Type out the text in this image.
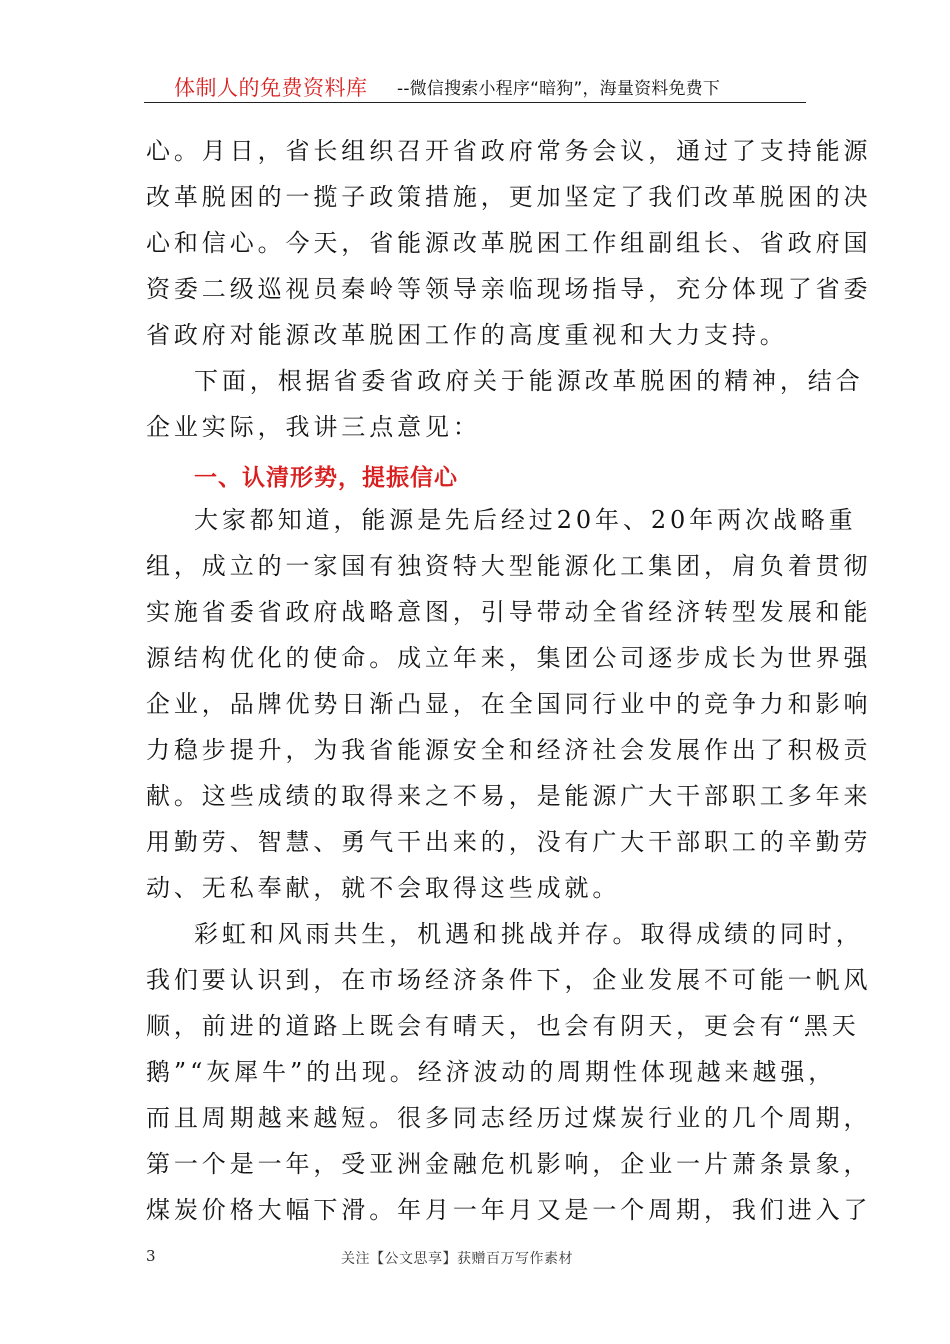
体制人的免费资料库 --微信搜索小程序“暗狗”，海量资料免费下
心。月日，省长组织召开省政府常务会议，通过了支持能源
改革脱困的一揽子政策措施，更加坚定了我们改革脱困的决
心和信心。今天，省能源改革脱困工作组副组长、省政府国
资委二级巡视员秦岭等领导亲临现场指导，充分体现了省委
省政府对能源改革脱困工作的高度重视和大力支持。
下面，根据省委省政府关于能源改革脱困的精神，结合
企业实际，我讲三点意见：
一、认清形势，提振信心
大家都知道，能源是先后经过20年、20年两次战略重
组，成立的一家国有独资特大型能源化工集团，肩负着贯彻
实施省委省政府战略意图，引导带动全省经济转型发展和能
源结构优化的使命。成立年来，集团公司逐步成长为世界强
企业，品牌优势日渐凸显，在全国同行业中的竞争力和影响
力稳步提升，为我省能源安全和经济社会发展作出了积极贡
献。这些成绩的取得来之不易，是能源广大干部职工多年来
用勤劳、智慧、勇气干出来的，没有广大干部职工的辛勤劳
动、无私奉献，就不会取得这些成就。
彩虹和风雨共生，机遇和挑战并存。取得成绩的同时，
我们要认识到，在市场经济条件下，企业发展不可能一帆风
顺，前进的道路上既会有晴天，也会有阴天，更会有“黑天
鹅”“灰犀牛”的出现。经济波动的周期性体现越来越强，
而且周期越来越短。很多同志经历过煤炭行业的几个周期，
第一个是一年，受亚洲金融危机影响，企业一片萧条景象，
煤炭价格大幅下滑。年月一年月又是一个周期，我们进入了
3	关注【公文思享】获赠百万写作素材
